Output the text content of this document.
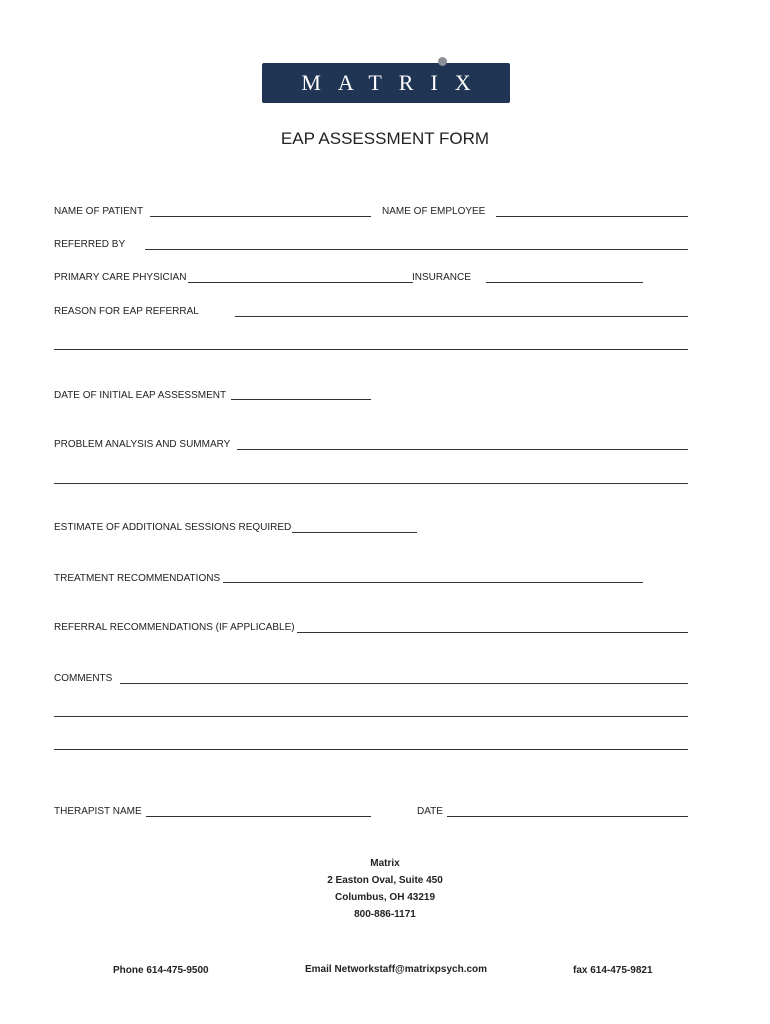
MATRIX
EAP ASSESSMENT FORM
NAME OF PATIENT	NAME OF EMPLOYEE
REFERRED BY
PRIMARY CARE PHYSICIAN	INSURANCE
REASON FOR EAP REFERRAL
DATE OF INITIAL EAP ASSESSMENT
PROBLEM ANALYSIS AND SUMMARY
ESTIMATE OF ADDITIONAL SESSIONS REQUIRED
TREATMENT RECOMMENDATIONS
REFERRAL RECOMMENDATIONS (IF APPLICABLE)
COMMENTS
THERAPIST NAME	DATE
Matrix
2 Easton Oval, Suite 450
Columbus, OH 43219
800-886-1171
Phone 614-475-9500	Email Networkstaff@matrixpsych.com	fax 614-475-9821
